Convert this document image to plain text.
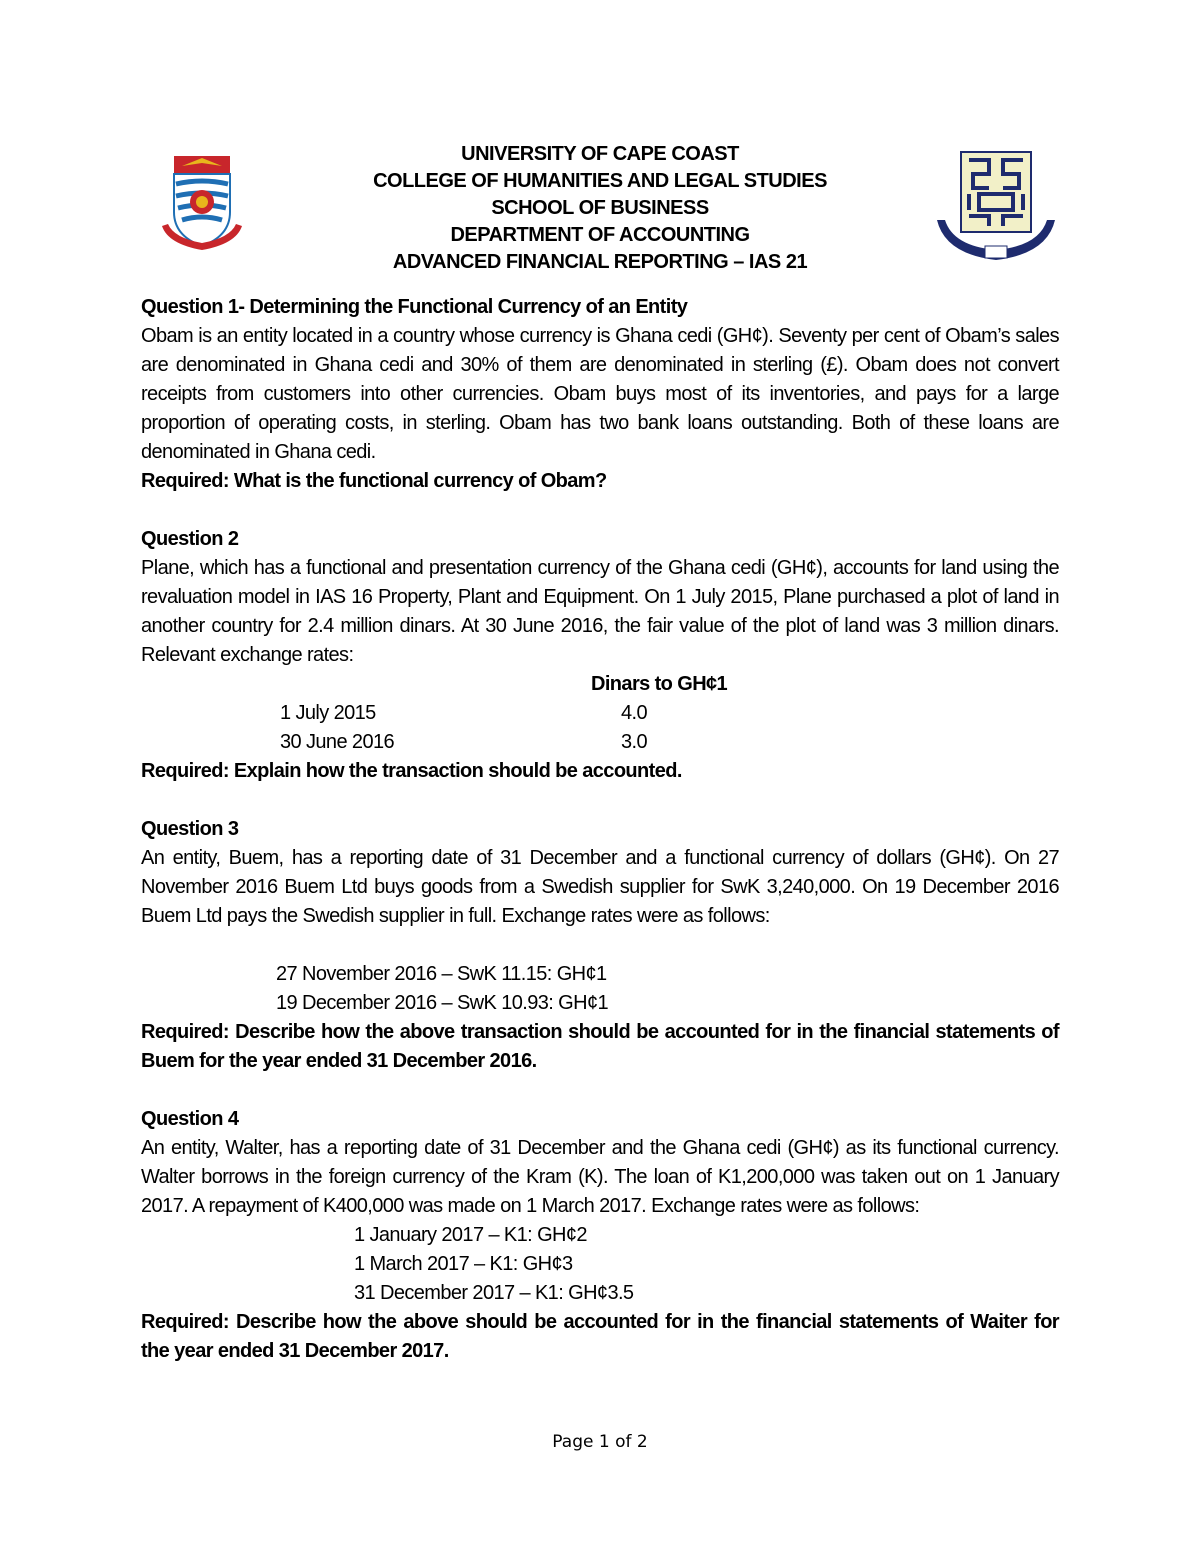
UNIVERSITY OF CAPE COAST
COLLEGE OF HUMANITIES AND LEGAL STUDIES
SCHOOL OF BUSINESS
DEPARTMENT OF ACCOUNTING
ADVANCED FINANCIAL REPORTING – IAS 21
Question 1- Determining the Functional Currency of an Entity
Obam is an entity located in a country whose currency is Ghana cedi (GH¢). Seventy per cent of Obam’s sales are denominated in Ghana cedi and 30% of them are denominated in sterling (£). Obam does not convert receipts from customers into other currencies. Obam buys most of its inventories, and pays for a large proportion of operating costs, in sterling. Obam has two bank loans outstanding. Both of these loans are denominated in Ghana cedi.
Required: What is the functional currency of Obam?
Question 2
Plane, which has a functional and presentation currency of the Ghana cedi (GH¢), accounts for land using the revaluation model in IAS 16 Property, Plant and Equipment. On 1 July 2015, Plane purchased a plot of land in another country for 2.4 million dinars. At 30 June 2016, the fair value of the plot of land was 3 million dinars. Relevant exchange rates:
Dinars to GH¢1
1 July 2015	4.0
30 June 2016	3.0
Required: Explain how the transaction should be accounted.
Question 3
An entity, Buem, has a reporting date of 31 December and a functional currency of dollars (GH¢). On 27 November 2016 Buem Ltd buys goods from a Swedish supplier for SwK 3,240,000. On 19 December 2016 Buem Ltd pays the Swedish supplier in full. Exchange rates were as follows:
27 November 2016 – SwK 11.15: GH¢1
19 December 2016 – SwK 10.93: GH¢1
Required: Describe how the above transaction should be accounted for in the financial statements of Buem for the year ended 31 December 2016.
Question 4
An entity, Walter, has a reporting date of 31 December and the Ghana cedi (GH¢) as its functional currency. Walter borrows in the foreign currency of the Kram (K). The loan of K1,200,000 was taken out on 1 January 2017. A repayment of K400,000 was made on 1 March 2017. Exchange rates were as follows:
1 January 2017 – K1: GH¢2
1 March 2017 – K1: GH¢3
31 December 2017 – K1: GH¢3.5
Required: Describe how the above should be accounted for in the financial statements of Waiter for the year ended 31 December 2017.
Page 1 of 2
